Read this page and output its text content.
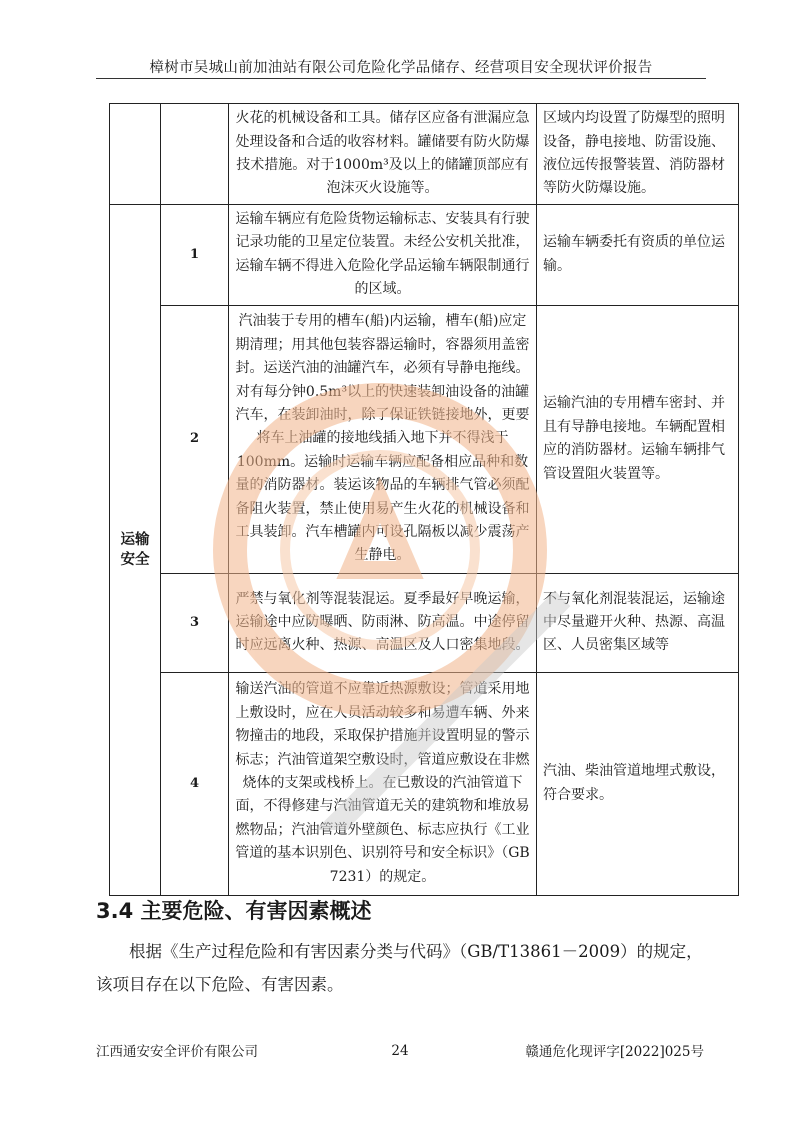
樟树市吴城山前加油站有限公司危险化学品储存、经营项目安全现状评价报告

		火花的机械设备和工具。储存区应备有泄漏应急处理设备和合适的收容材料。罐储要有防火防爆技术措施。对于1000m³及以上的储罐顶部应有泡沫灭火设施等。	区域内均设置了防爆型的照明设备，静电接地、防雷设施、液位远传报警装置、消防器材等防火防爆设施。

运输
安全	1	运输车辆应有危险货物运输标志、安装具有行驶记录功能的卫星定位装置。未经公安机关批准，运输车辆不得进入危险化学品运输车辆限制通行的区域。	运输车辆委托有资质的单位运输。

	2	汽油装于专用的槽车(船)内运输，槽车(船)应定期清理；用其他包装容器运输时，容器须用盖密封。运送汽油的油罐汽车，必须有导静电拖线。对有每分钟0.5m³以上的快速装卸油设备的油罐汽车，在装卸油时，除了保证铁链接地外，更要将车上油罐的接地线插入地下并不得浅于100mm。运输时运输车辆应配备相应品种和数量的消防器材。装运该物品的车辆排气管必须配备阻火装置，禁止使用易产生火花的机械设备和工具装卸。汽车槽罐内可设孔隔板以减少震荡产生静电。	运输汽油的专用槽车密封、并且有导静电接地。车辆配置相应的消防器材。运输车辆排气管设置阻火装置等。

	3	严禁与氧化剂等混装混运。夏季最好早晚运输，运输途中应防曝晒、防雨淋、防高温。中途停留时应远离火种、热源、高温区及人口密集地段。	不与氧化剂混装混运，运输途中尽量避开火种、热源、高温区、人员密集区域等

	4	输送汽油的管道不应靠近热源敷设；管道采用地上敷设时，应在人员活动较多和易遭车辆、外来物撞击的地段，采取保护措施并设置明显的警示标志；汽油管道架空敷设时，管道应敷设在非燃烧体的支架或栈桥上。在已敷设的汽油管道下面，不得修建与汽油管道无关的建筑物和堆放易燃物品；汽油管道外壁颜色、标志应执行《工业管道的基本识别色、识别符号和安全标识》（GB 7231）的规定。	汽油、柴油管道地埋式敷设，符合要求。
3.4 主要危险、有害因素概述
根据《生产过程危险和有害因素分类与代码》（GB/T13861－2009）的规定，该项目存在以下危险、有害因素。
江西通安安全评价有限公司	24	赣通危化现评字[2022]025号
